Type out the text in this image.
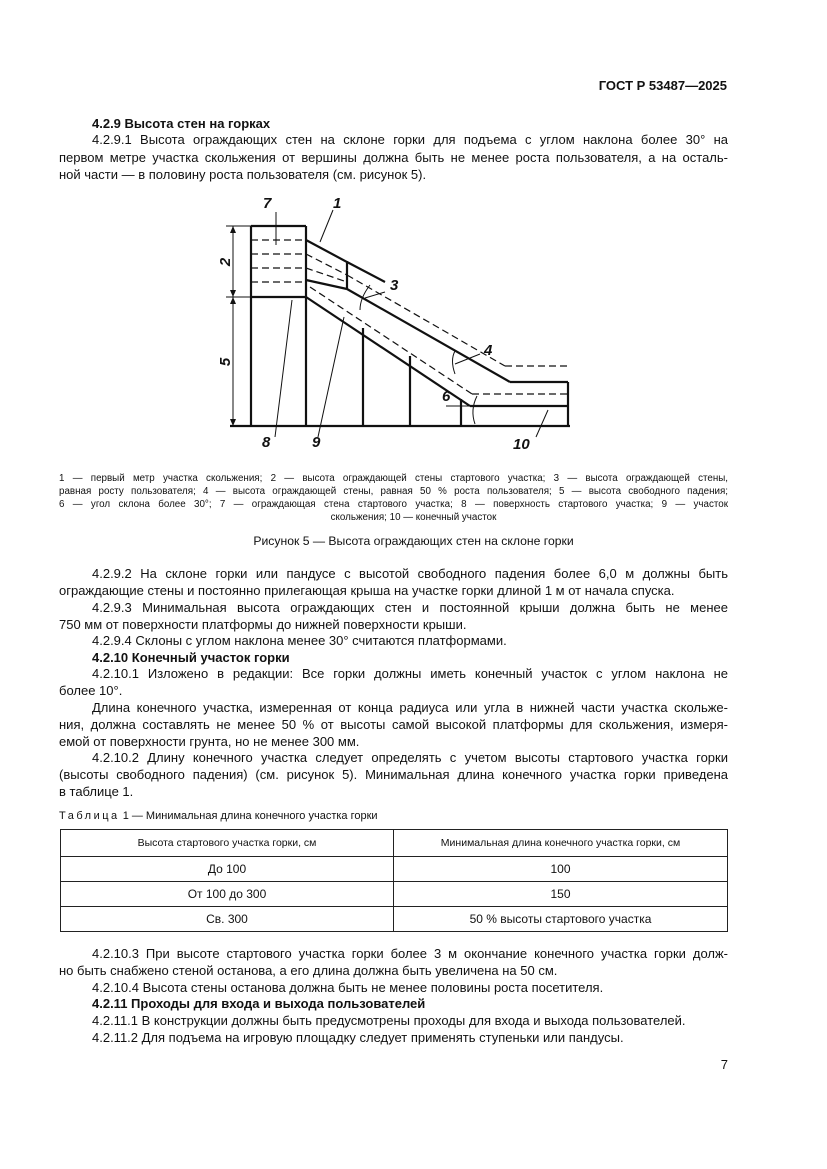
ГОСТ Р 53487—2025
4.2.9 Высота стен на горках
4.2.9.1 Высота ограждающих стен на склоне горки для подъема с углом наклона более 30° на
первом метре участка скольжения от вершины должна быть не менее роста пользователя, а на осталь-
ной части — в половину роста пользователя (см. рисунок 5).
7	1
3
4
6
8	9	10
2
5
1 — первый метр участка скольжения; 2 — высота ограждающей стены стартового участка; 3 — высота ограждающей стены,
равная росту пользователя; 4 — высота ограждающей стены, равная 50 % роста пользователя; 5 — высота свободного падения;
6 — угол склона более 30°; 7 — ограждающая стена стартового участка; 8 — поверхность стартового участка; 9 — участок
скольжения; 10 — конечный участок
Рисунок 5 — Высота ограждающих стен на склоне горки
4.2.9.2 На склоне горки или пандусе с высотой свободного падения более 6,0 м должны быть
ограждающие стены и постоянно прилегающая крыша на участке горки длиной 1 м от начала спуска.
4.2.9.3 Минимальная высота ограждающих стен и постоянной крыши должна быть не менее
750 мм от поверхности платформы до нижней поверхности крыши.
4.2.9.4 Склоны с углом наклона менее 30° считаются платформами.
4.2.10 Конечный участок горки
4.2.10.1 Изложено в редакции: Все горки должны иметь конечный участок с углом наклона не
более 10°.
Длина конечного участка, измеренная от конца радиуса или угла в нижней части участка скольже-
ния, должна составлять не менее 50 % от высоты самой высокой платформы для скольжения, измеря-
емой от поверхности грунта, но не менее 300 мм.
4.2.10.2 Длину конечного участка следует определять с учетом высоты стартового участка горки
(высоты свободного падения) (см. рисунок 5). Минимальная длина конечного участка горки приведена
в таблице 1.
Таблица 1 — Минимальная длина конечного участка горки
Высота стартового участка горки, см	Минимальная длина конечного участка горки, см
До 100	100
От 100 до 300	150
Св. 300	50 % высоты стартового участка
4.2.10.3 При высоте стартового участка горки более 3 м окончание конечного участка горки долж-
но быть снабжено стеной останова, а его длина должна быть увеличена на 50 см.
4.2.10.4 Высота стены останова должна быть не менее половины роста посетителя.
4.2.11 Проходы для входа и выхода пользователей
4.2.11.1 В конструкции должны быть предусмотрены проходы для входа и выхода пользователей.
4.2.11.2 Для подъема на игровую площадку следует применять ступеньки или пандусы.
7
